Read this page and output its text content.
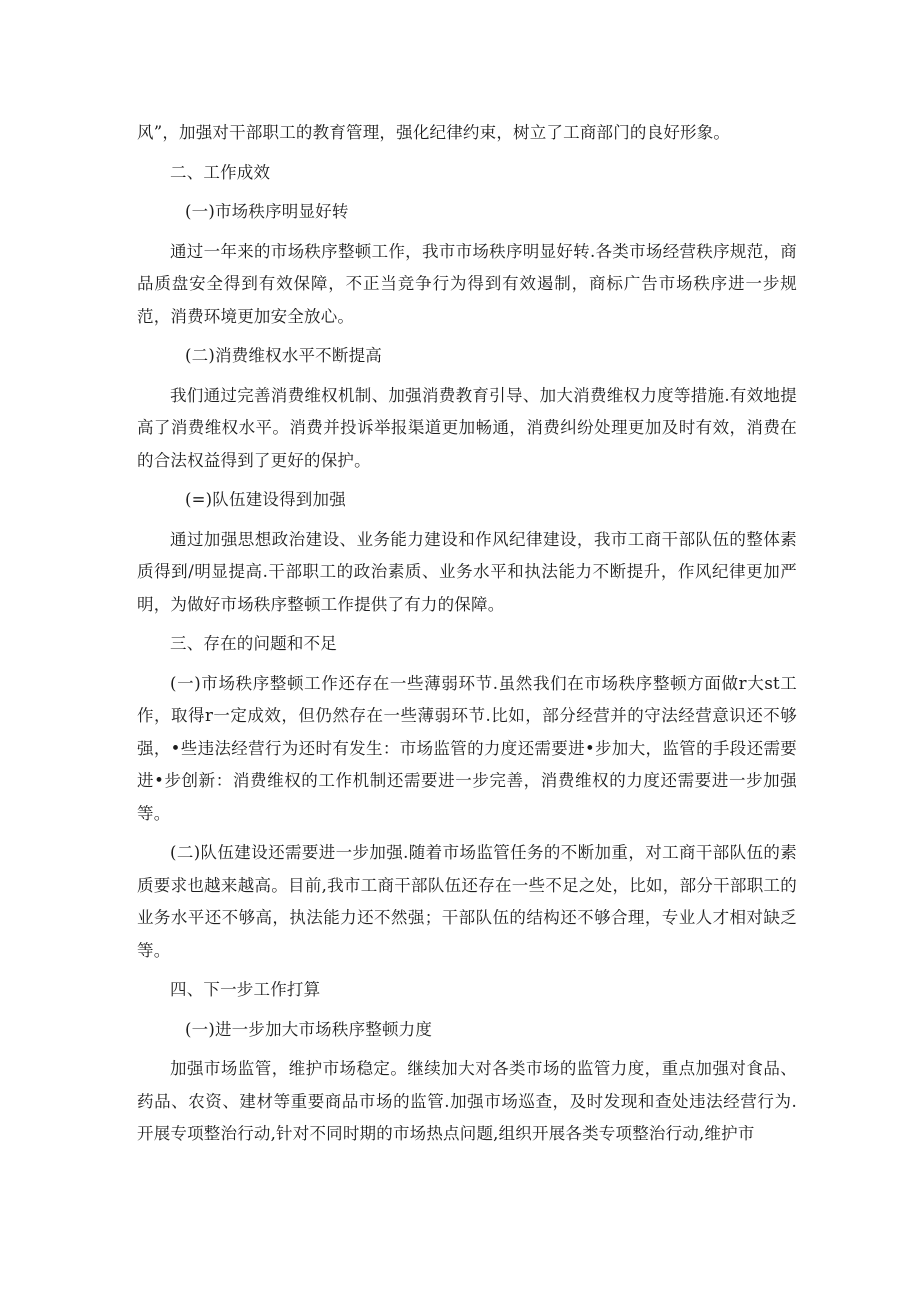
风”，加强对干部职工的教育管理，强化纪律约束，树立了工商部门的良好形象。

二、工作成效

(一)市场秩序明显好转

通过一年来的市场秩序整顿工作，我市市场秩序明显好转.各类市场经营秩序规范，商品质盘安全得到有效保障，不正当竞争行为得到有效遏制，商标广告市场秩序进一步规范，消费环境更加安全放心。

(二)消费维权水平不断提高

我们通过完善消费维权机制、加强消费教育引导、加大消费维权力度等措施.有效地提高了消费维权水平。消费并投诉举报渠道更加畅通，消费纠纷处理更加及时有效，消费在的合法权益得到了更好的保护。

(=)队伍建设得到加强

通过加强思想政治建设、业务能力建设和作风纪律建设，我市工商干部队伍的整体素质得到/明显提高.干部职工的政治素质、业务水平和执法能力不断提升，作风纪律更加严明，为做好市场秩序整顿工作提供了有力的保障。

三、存在的问题和不足

(一)市场秩序整顿工作还存在一些薄弱环节.虽然我们在市场秩序整顿方面做r大st工作，取得r一定成效，但仍然存在一些薄弱环节.比如，部分经营并的守法经营意识还不够强，•些违法经营行为还时有发生：市场监管的力度还需要进•步加大，监管的手段还需要进•步创新：消费维权的工作机制还需要进一步完善，消费维权的力度还需要进一步加强等。

(二)队伍建设还需要进一步加强.随着市场监管任务的不断加重，对工商干部队伍的素质要求也越来越高。目前,我市工商干部队伍还存在一些不足之处，比如，部分干部职工的业务水平还不够高，执法能力还不然强；干部队伍的结构还不够合理，专业人才相对缺乏等。

四、下一步工作打算

(一)进一步加大市场秩序整顿力度

加强市场监管，维护市场稳定。继续加大对各类市场的监管力度，重点加强对食品、药品、农资、建材等重要商品市场的监管.加强市场巡查，及时发现和查处违法经营行为.开展专项整治行动,针对不同时期的市场热点问题,组织开展各类专项整治行动,维护市
